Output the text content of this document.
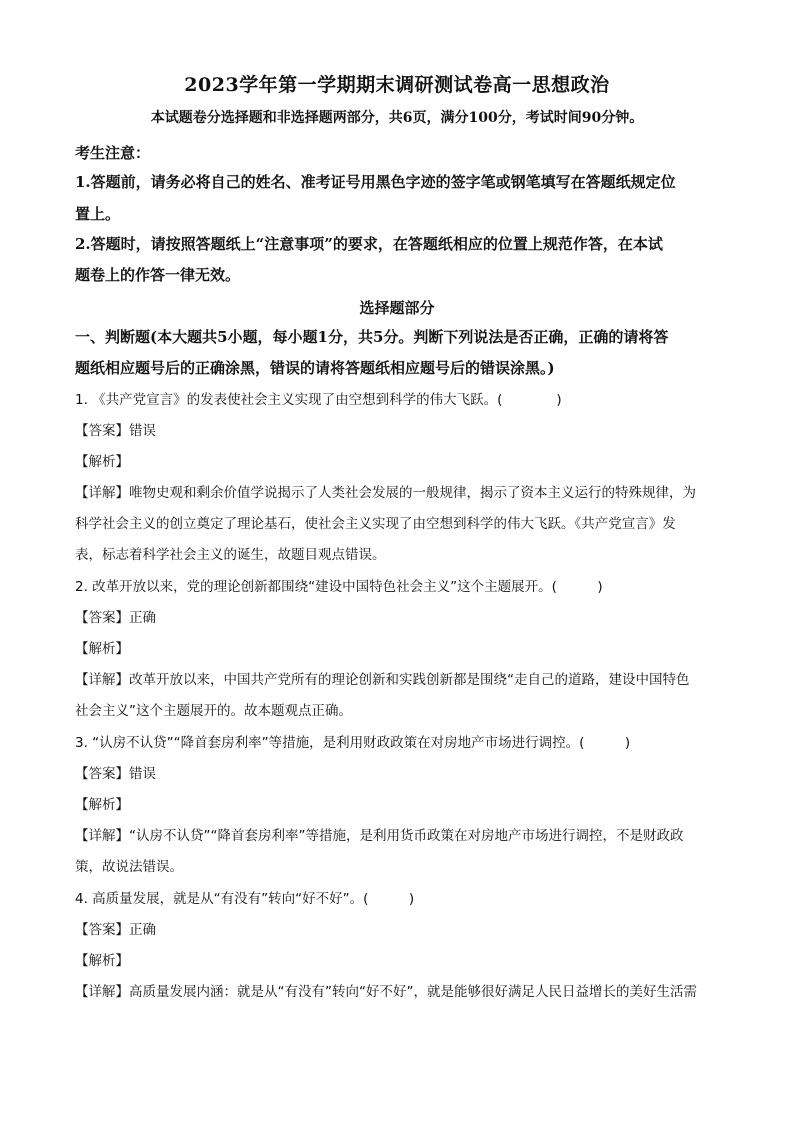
2023学年第一学期期末调研测试卷高一思想政治
本试题卷分选择题和非选择题两部分，共6页，满分100分，考试时间90分钟。
考生注意：
1.答题前，请务必将自己的姓名、准考证号用黑色字迹的签字笔或钢笔填写在答题纸规定位
置上。
2.答题时，请按照答题纸上“注意事项”的要求，在答题纸相应的位置上规范作答，在本试
题卷上的作答一律无效。
选择题部分
一、判断题(本大题共5小题，每小题1分，共5分。判断下列说法是否正确，正确的请将答
题纸相应题号后的正确涂黑，错误的请将答题纸相应题号后的错误涂黑。)
1. 《共产党宣言》的发表使社会主义实现了由空想到科学的伟大飞跃。(　　　　)
【答案】错误
【解析】
【详解】唯物史观和剩余价值学说揭示了人类社会发展的一般规律，揭示了资本主义运行的特殊规律，为
科学社会主义的创立奠定了理论基石，使社会主义实现了由空想到科学的伟大飞跃。《共产党宣言》发
表，标志着科学社会主义的诞生，故题目观点错误。
2. 改革开放以来，党的理论创新都围绕“建设中国特色社会主义”这个主题展开。(　　　)
【答案】正确
【解析】
【详解】改革开放以来，中国共产党所有的理论创新和实践创新都是围绕“走自己的道路，建设中国特色
社会主义”这个主题展开的。故本题观点正确。
3. “认房不认贷”“降首套房利率”等措施，是利用财政政策在对房地产市场进行调控。(　　　)
【答案】错误
【解析】
【详解】“认房不认贷”“降首套房利率”等措施，是利用货币政策在对房地产市场进行调控，不是财政政
策，故说法错误。
4. 高质量发展，就是从“有没有”转向“好不好”。(　　　)
【答案】正确
【解析】
【详解】高质量发展内涵：就是从“有没有”转向“好不好”，就是能够很好满足人民日益增长的美好生活需
